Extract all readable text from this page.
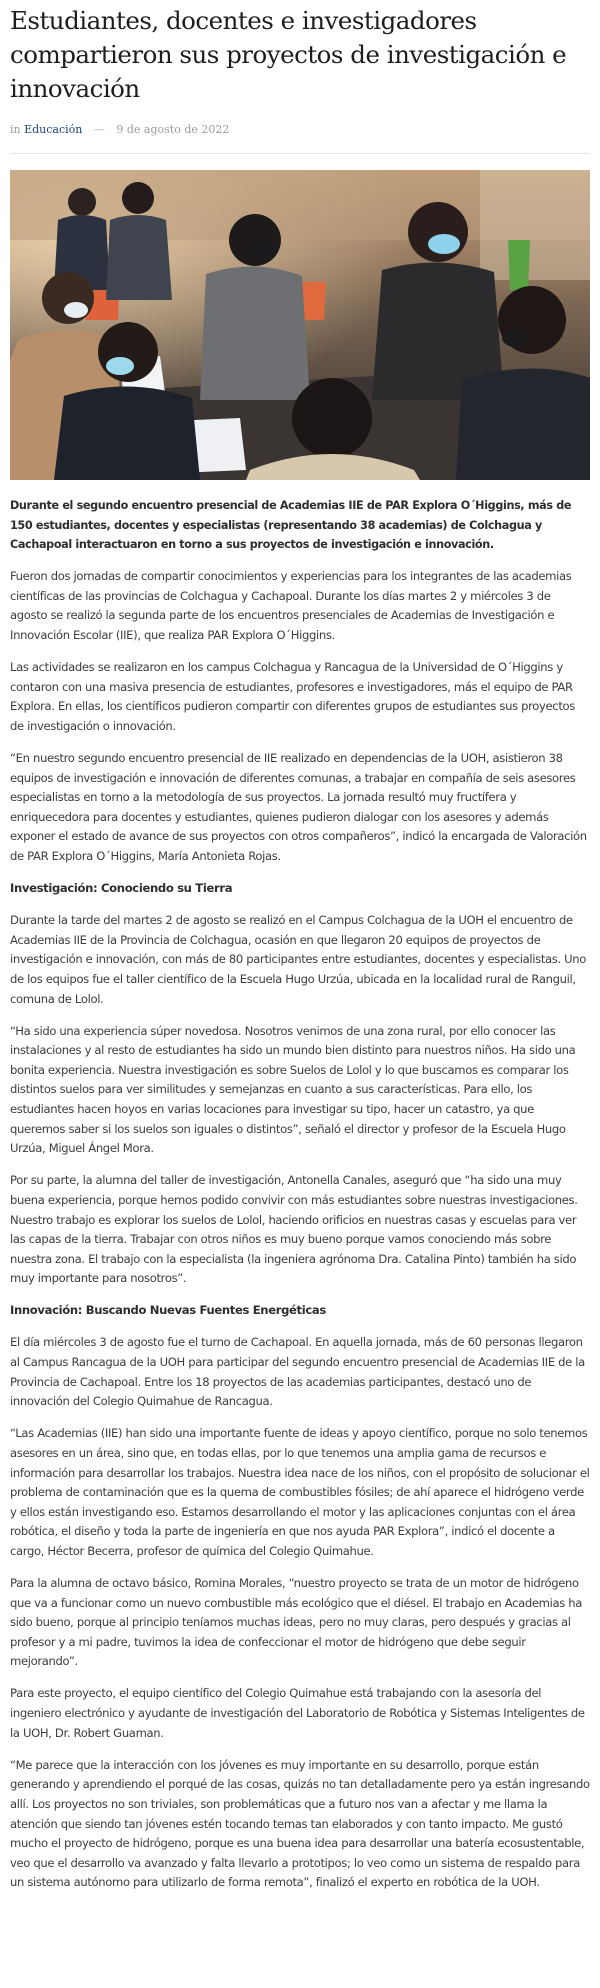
Estudiantes, docentes e investigadores compartieron sus proyectos de investigación e innovación
in Educación — 9 de agosto de 2022

Durante el segundo encuentro presencial de Academias IIE de PAR Explora O´Higgins, más de 150 estudiantes, docentes y especialistas (representando 38 academias) de Colchagua y Cachapoal interactuaron en torno a sus proyectos de investigación e innovación.

Fueron dos jornadas de compartir conocimientos y experiencias para los integrantes de las academias científicas de las provincias de Colchagua y Cachapoal. Durante los días martes 2 y miércoles 3 de agosto se realizó la segunda parte de los encuentros presenciales de Academias de Investigación e Innovación Escolar (IIE), que realiza PAR Explora O´Higgins.

Las actividades se realizaron en los campus Colchagua y Rancagua de la Universidad de O´Higgins y contaron con una masiva presencia de estudiantes, profesores e investigadores, más el equipo de PAR Explora. En ellas, los científicos pudieron compartir con diferentes grupos de estudiantes sus proyectos de investigación o innovación.

“En nuestro segundo encuentro presencial de IIE realizado en dependencias de la UOH, asistieron 38 equipos de investigación e innovación de diferentes comunas, a trabajar en compañía de seis asesores especialistas en torno a la metodología de sus proyectos. La jornada resultó muy fructífera y enriquecedora para docentes y estudiantes, quienes pudieron dialogar con los asesores y además exponer el estado de avance de sus proyectos con otros compañeros”, indicó la encargada de Valoración de PAR Explora O´Higgins, María Antonieta Rojas.

Investigación: Conociendo su Tierra

Durante la tarde del martes 2 de agosto se realizó en el Campus Colchagua de la UOH el encuentro de Academias IIE de la Provincia de Colchagua, ocasión en que llegaron 20 equipos de proyectos de investigación e innovación, con más de 80 participantes entre estudiantes, docentes y especialistas. Uno de los equipos fue el taller científico de la Escuela Hugo Urzúa, ubicada en la localidad rural de Ranguil, comuna de Lolol.

“Ha sido una experiencia súper novedosa. Nosotros venimos de una zona rural, por ello conocer las instalaciones y al resto de estudiantes ha sido un mundo bien distinto para nuestros niños. Ha sido una bonita experiencia. Nuestra investigación es sobre Suelos de Lolol y lo que buscamos es comparar los distintos suelos para ver similitudes y semejanzas en cuanto a sus características. Para ello, los estudiantes hacen hoyos en varias locaciones para investigar su tipo, hacer un catastro, ya que queremos saber si los suelos son iguales o distintos”, señaló el director y profesor de la Escuela Hugo Urzúa, Miguel Ángel Mora.

Por su parte, la alumna del taller de investigación, Antonella Canales, aseguró que “ha sido una muy buena experiencia, porque hemos podido convivir con más estudiantes sobre nuestras investigaciones. Nuestro trabajo es explorar los suelos de Lolol, haciendo orificios en nuestras casas y escuelas para ver las capas de la tierra. Trabajar con otros niños es muy bueno porque vamos conociendo más sobre nuestra zona. El trabajo con la especialista (la ingeniera agrónoma Dra. Catalina Pinto) también ha sido muy importante para nosotros”.

Innovación: Buscando Nuevas Fuentes Energéticas

El día miércoles 3 de agosto fue el turno de Cachapoal. En aquella jornada, más de 60 personas llegaron al Campus Rancagua de la UOH para participar del segundo encuentro presencial de Academias IIE de la Provincia de Cachapoal. Entre los 18 proyectos de las academias participantes, destacó uno de innovación del Colegio Quimahue de Rancagua.

“Las Academias (IIE) han sido una importante fuente de ideas y apoyo científico, porque no solo tenemos asesores en un área, sino que, en todas ellas, por lo que tenemos una amplia gama de recursos e información para desarrollar los trabajos. Nuestra idea nace de los niños, con el propósito de solucionar el problema de contaminación que es la quema de combustibles fósiles; de ahí aparece el hidrógeno verde y ellos están investigando eso. Estamos desarrollando el motor y las aplicaciones conjuntas con el área robótica, el diseño y toda la parte de ingeniería en que nos ayuda PAR Explora”, indicó el docente a cargo, Héctor Becerra, profesor de química del Colegio Quimahue.

Para la alumna de octavo básico, Romina Morales, “nuestro proyecto se trata de un motor de hidrógeno que va a funcionar como un nuevo combustible más ecológico que el diésel. El trabajo en Academias ha sido bueno, porque al principio teníamos muchas ideas, pero no muy claras, pero después y gracias al profesor y a mi padre, tuvimos la idea de confeccionar el motor de hidrógeno que debe seguir mejorando”.

Para este proyecto, el equipo científico del Colegio Quimahue está trabajando con la asesoría del ingeniero electrónico y ayudante de investigación del Laboratorio de Robótica y Sistemas Inteligentes de la UOH, Dr. Robert Guaman.

“Me parece que la interacción con los jóvenes es muy importante en su desarrollo, porque están generando y aprendiendo el porqué de las cosas, quizás no tan detalladamente pero ya están ingresando allí. Los proyectos no son triviales, son problemáticas que a futuro nos van a afectar y me llama la atención que siendo tan jóvenes estén tocando temas tan elaborados y con tanto impacto. Me gustó mucho el proyecto de hidrógeno, porque es una buena idea para desarrollar una batería ecosustentable, veo que el desarrollo va avanzado y falta llevarlo a prototipos; lo veo como un sistema de respaldo para un sistema autónomo para utilizarlo de forma remota”, finalizó el experto en robótica de la UOH.
